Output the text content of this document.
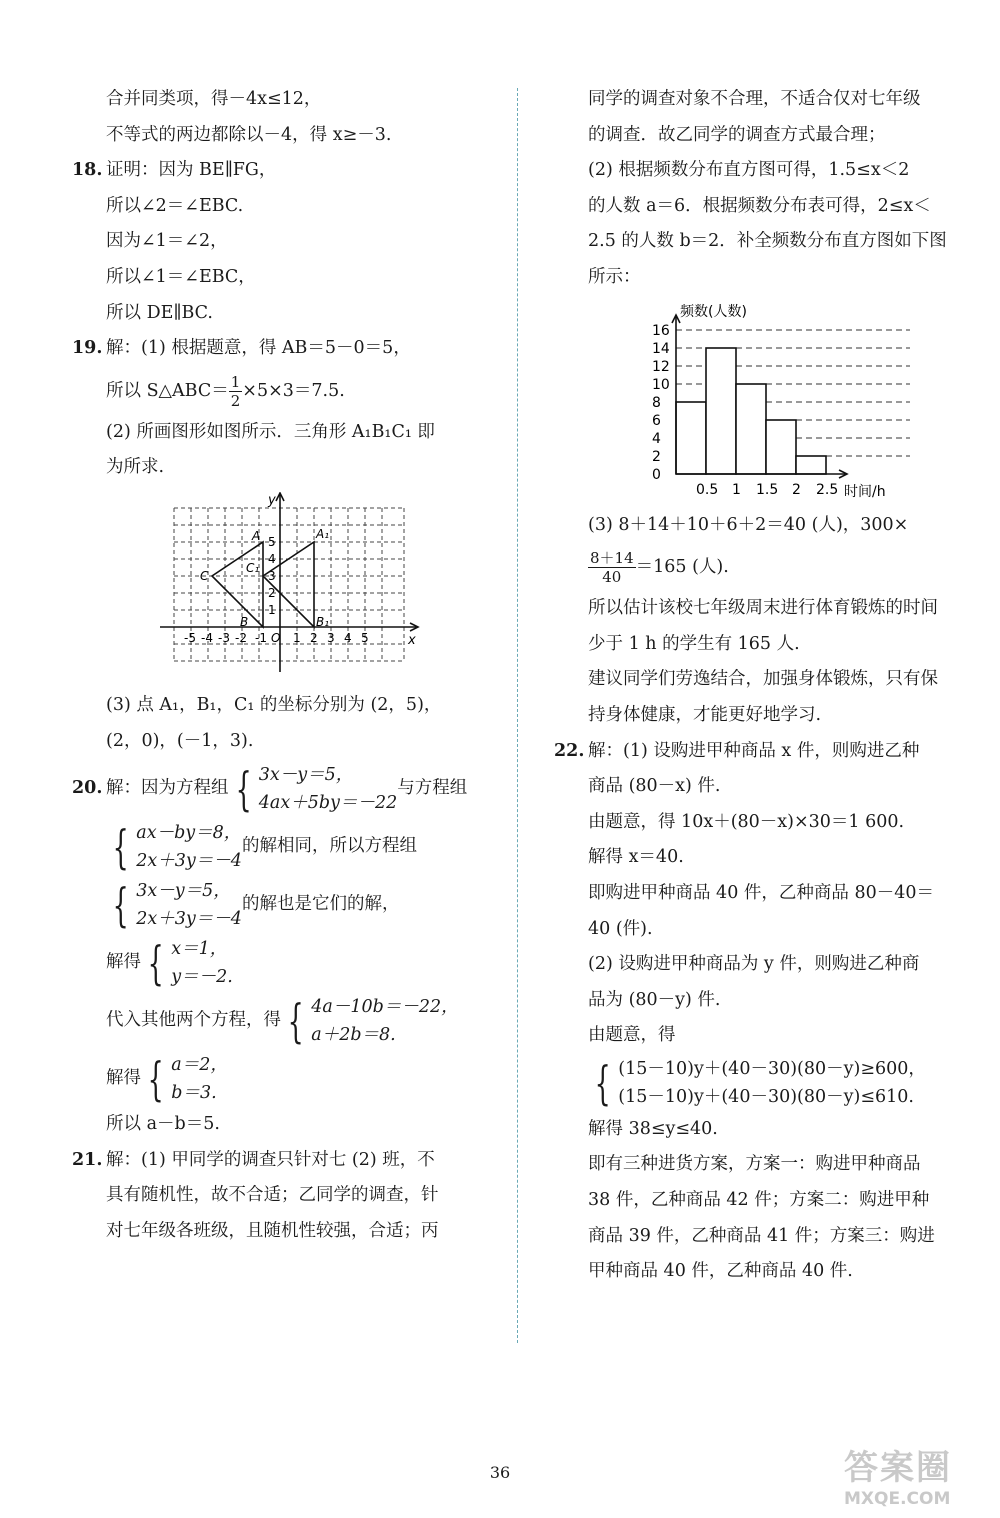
合并同类项，得－4x≤12，
不等式的两边都除以－4，得 x≥－3.
18. 证明：因为 BE∥FG，
所以∠2＝∠EBC.
因为∠1＝∠2，
所以∠1＝∠EBC，
所以 DE∥BC.
19. 解：(1) 根据题意，得 AB＝5－0＝5，
所以 S△ABC＝ $\frac{1}{2} \times 5\times 3=7.5$.
(2) 所画图形如图所示．三角形 A₁B₁C₁ 即
为所求.
y
x
O
-5 -4 -3 -2 -1 1 2 3 4 5
1
2
3
4
5
A
B
C
A₁
B₁
C₁
(3) 点 A₁，B₁，C₁ 的坐标分别为 (2，5)，
(2，0)，(－1，3).
20. 解：因为方程组 { 3x－y＝5，
4ax＋5by＝－22
与方程组
{ ax－by＝8，
2x＋3y＝－4
的解相同，所以方程组
{ 3x－y＝5，
2x＋3y＝－4
的解也是它们的解，
解得 { x＝1，
y＝－2.
代入其他两个方程，得 { 4a－10b＝－22，
a＋2b＝8.
解得 { a＝2，
b＝3.
所以 a－b＝5.
21. 解：(1) 甲同学的调查只针对七 (2) 班，不
具有随机性，故不合适；乙同学的调查，针
对七年级各班级，且随机性较强，合适；丙
同学的调查对象不合理，不适合仅对七年级
的调查．故乙同学的调查方式最合理；
(2) 根据频数分布直方图可得，1.5≤x＜2
的人数 a＝6．根据频数分布表可得，2≤x＜
2.5 的人数 b＝2．补全频数分布直方图如下图
所示：
0
2
4
6
8
10
12
14
16
0.5 1 1.5 2 2.5
频数(人数)
时间/h
(3) 8＋14＋10＋6＋2＝40 (人)，300×
$\frac{8+14}{40} =165$ (人).
所以估计该校七年级周末进行体育锻炼的时间
少于 1 h 的学生有 165 人.
建议同学们劳逸结合，加强身体锻炼，只有保
持身体健康，才能更好地学习.
22. 解：(1) 设购进甲种商品 x 件，则购进乙种
商品 (80－x) 件.
由题意，得 10x＋(80－x)×30＝1 600.
解得 x＝40.
即购进甲种商品 40 件，乙种商品 80－40＝
40 (件).
(2) 设购进甲种商品为 y 件，则购进乙种商
品为 (80－y) 件.
由题意，得
{ (15－10)y＋(40－30)(80－y)≥600，
(15－10)y＋(40－30)(80－y)≤610.
解得 38≤y≤40.
即有三种进货方案，方案一：购进甲种商品
38 件，乙种商品 42 件；方案二：购进甲种
商品 39 件，乙种商品 41 件；方案三：购进
甲种商品 40 件，乙种商品 40 件.
36	答案圈
MXQE.COM
